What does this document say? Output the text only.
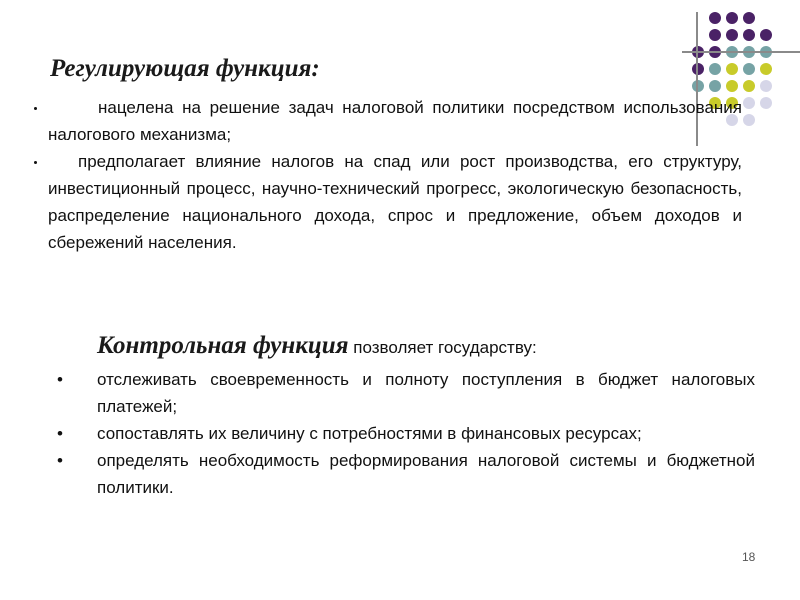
Регулирующая функция:
нацелена на решение задач налоговой политики посредством использования налогового механизма;
предполагает влияние налогов на спад или рост производства, его структуру, инвестиционный процесс, научно-технический прогресс, экологическую безопасность, распределение национального дохода, спрос и предложение, объем доходов и сбережений населения.
Контрольная функция позволяет государству:
• отслеживать своевременность и полноту поступления в бюджет налоговых платежей;
• сопоставлять их величину с потребностями в финансовых ресурсах;
• определять необходимость реформирования налоговой системы и бюджетной политики.
18
